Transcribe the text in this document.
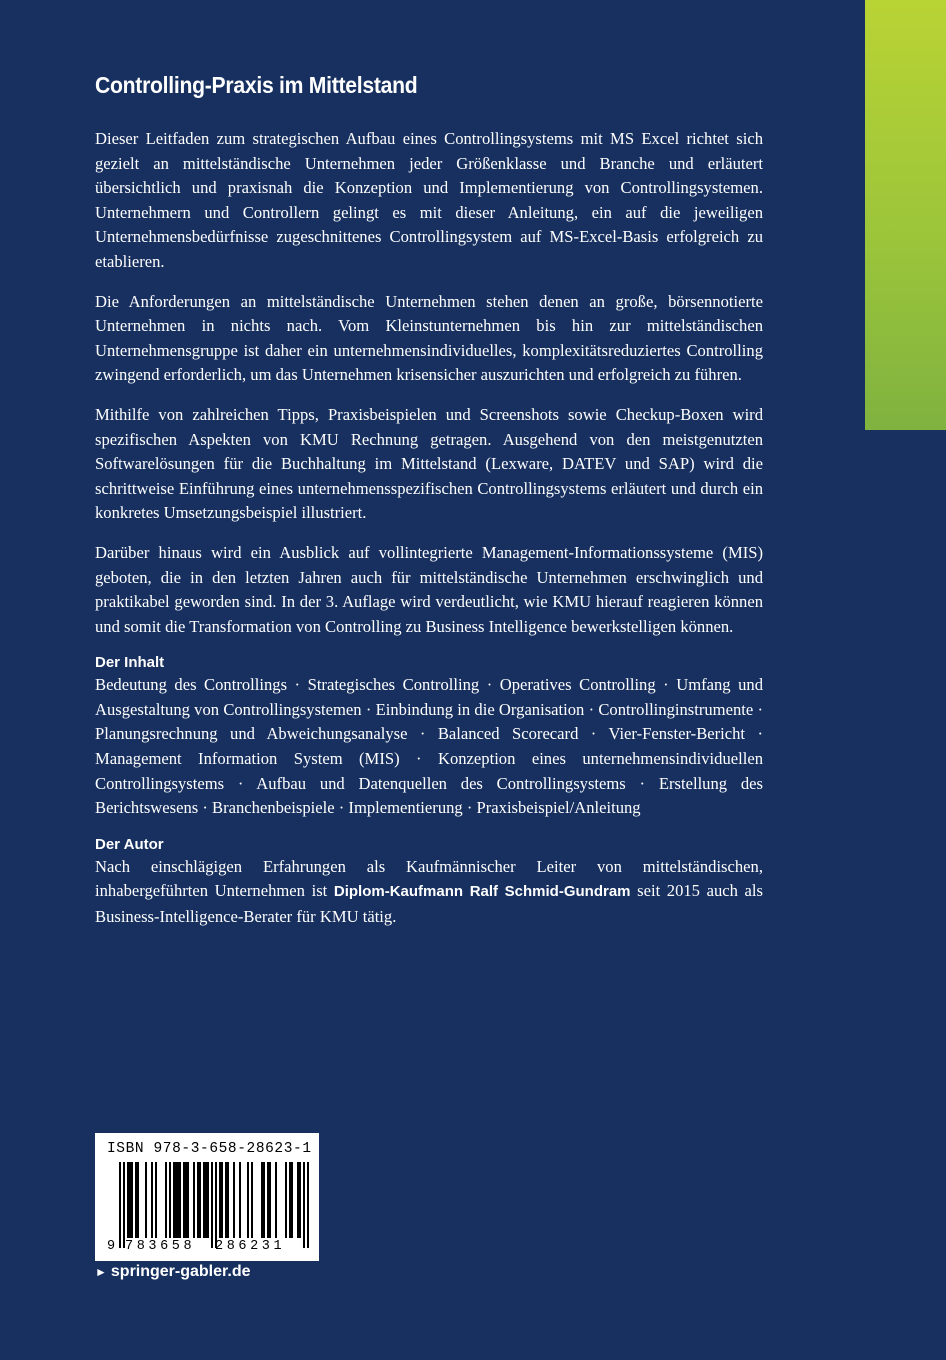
Controlling-Praxis im Mittelstand

Dieser Leitfaden zum strategischen Aufbau eines Controllingsystems mit MS Excel richtet sich gezielt an mittelständische Unternehmen jeder Größenklasse und Branche und erläutert übersichtlich und praxisnah die Konzeption und Implementierung von Controllingsystemen. Unternehmern und Controllern gelingt es mit dieser Anleitung, ein auf die jeweiligen Unternehmensbedürfnisse zugeschnittenes Controllingsystem auf MS-Excel-Basis erfolgreich zu etablieren.

Die Anforderungen an mittelständische Unternehmen stehen denen an große, börsennotierte Unternehmen in nichts nach. Vom Kleinstunternehmen bis hin zur mittelständischen Unternehmensgruppe ist daher ein unternehmensindividuelles, komplexitätsreduziertes Controlling zwingend erforderlich, um das Unternehmen krisensicher auszurichten und erfolgreich zu führen.

Mithilfe von zahlreichen Tipps, Praxisbeispielen und Screenshots sowie Checkup-Boxen wird spezifischen Aspekten von KMU Rechnung getragen. Ausgehend von den meistgenutzten Softwarelösungen für die Buchhaltung im Mittelstand (Lexware, DATEV und SAP) wird die schrittweise Einführung eines unternehmensspezifischen Controllingsystems erläutert und durch ein konkretes Umsetzungsbeispiel illustriert.

Darüber hinaus wird ein Ausblick auf vollintegrierte Management-Informationssysteme (MIS) geboten, die in den letzten Jahren auch für mittelständische Unternehmen erschwinglich und praktikabel geworden sind. In der 3. Auflage wird verdeutlicht, wie KMU hierauf reagieren können und somit die Transformation von Controlling zu Business Intelligence bewerkstelligen können.

Der Inhalt

Bedeutung des Controllings · Strategisches Controlling · Operatives Controlling · Umfang und Ausgestaltung von Controllingsystemen · Einbindung in die Organisation · Controllinginstrumente · Planungsrechnung und Abweichungsanalyse · Balanced Scorecard · Vier-Fenster-Bericht · Management Information System (MIS) · Konzeption eines unternehmensindividuellen Controllingsystems · Aufbau und Datenquellen des Controllingsystems · Erstellung des Berichtswesens · Branchenbeispiele · Implementierung · Praxisbeispiel/Anleitung

Der Autor

Nach einschlägigen Erfahrungen als Kaufmännischer Leiter von mittelständischen, inhabergeführten Unternehmen ist Diplom-Kaufmann Ralf Schmid-Gundram seit 2015 auch als Business-Intelligence-Berater für KMU tätig.

ISBN 978-3-658-28623-1
9 783658 286231
► springer-gabler.de
